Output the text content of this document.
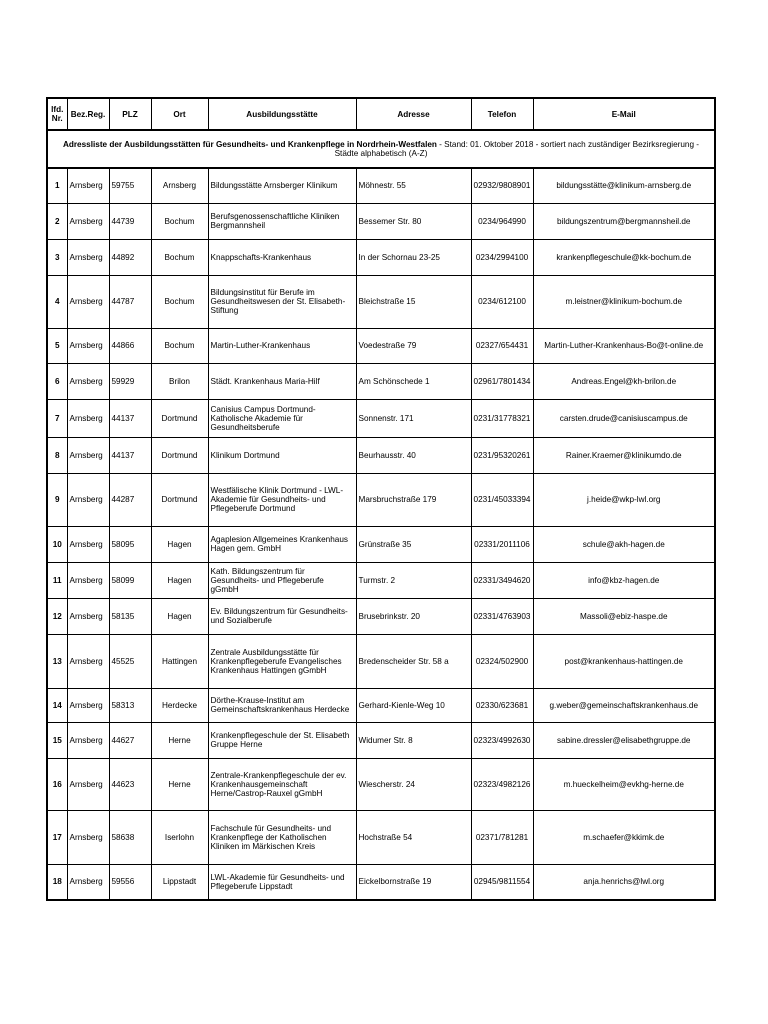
Adressliste der Ausbildungsstätten für Gesundheits- und Krankenpflege in Nordrhein-Westfalen - Stand: 01. Oktober 2018 - sortiert nach zuständiger Bezirksregierung - Städte alphabetisch (A-Z)							
lfd. Nr.	Bez.Reg.	PLZ	Ort	Ausbildungsstätte	Adresse	Telefon	E-Mail
1	Arnsberg	59755	Arnsberg	Bildungsstätte Arnsberger Klinikum	Möhnestr. 55	02932/9808901	bildungsstätte@klinikum-arnsberg.de
2	Arnsberg	44739	Bochum	Berufsgenossenschaftliche Kliniken Bergmannsheil	Bessemer Str. 80	0234/964990	bildungszentrum@bergmannsheil.de
3	Arnsberg	44892	Bochum	Knappschafts-Krankenhaus	In der Schornau 23-25	0234/2994100	krankenpflegeschule@kk-bochum.de
4	Arnsberg	44787	Bochum	Bildungsinstitut für Berufe im Gesundheitswesen der St. Elisabeth-Stiftung	Bleichstraße 15	0234/612100	m.leistner@klinikum-bochum.de
5	Arnsberg	44866	Bochum	Martin-Luther-Krankenhaus	Voedestraße 79	02327/654431	Martin-Luther-Krankenhaus-Bo@t-online.de
6	Arnsberg	59929	Brilon	Städt. Krankenhaus Maria-Hilf	Am Schönschede 1	02961/7801434	Andreas.Engel@kh-brilon.de
7	Arnsberg	44137	Dortmund	Canisius Campus Dortmund- Katholische Akademie für Gesundheitsberufe	Sonnenstr. 171	0231/31778321	carsten.drude@canisiuscampus.de
8	Arnsberg	44137	Dortmund	Klinikum Dortmund	Beurhausstr. 40	0231/95320261	Rainer.Kraemer@klinikumdo.de
9	Arnsberg	44287	Dortmund	Westfälische Klinik Dortmund - LWL-Akademie für Gesundheits- und Pflegeberufe Dortmund	Marsbruchstraße 179	0231/45033394	j.heide@wkp-lwl.org
10	Arnsberg	58095	Hagen	Agaplesion Allgemeines Krankenhaus Hagen gem. GmbH	Grünstraße 35	02331/2011106	schule@akh-hagen.de
11	Arnsberg	58099	Hagen	Kath. Bildungszentrum für Gesundheits- und Pflegeberufe gGmbH	Turmstr. 2	02331/3494620	info@kbz-hagen.de
12	Arnsberg	58135	Hagen	Ev. Bildungszentrum für Gesundheits- und Sozialberufe	Brusebrinkstr. 20	02331/4763903	Massoli@ebiz-haspe.de
13	Arnsberg	45525	Hattingen	Zentrale Ausbildungsstätte für Krankenpflegeberufe Evangelisches Krankenhaus Hattingen gGmbH	Bredenscheider Str. 58 a	02324/502900	post@krankenhaus-hattingen.de
14	Arnsberg	58313	Herdecke	Dörthe-Krause-Institut am Gemeinschaftskrankenhaus Herdecke	Gerhard-Kienle-Weg 10	02330/623681	g.weber@gemeinschaftskrankenhaus.de
15	Arnsberg	44627	Herne	Krankenpflegeschule der St. Elisabeth Gruppe Herne	Widumer Str. 8	02323/4992630	sabine.dressler@elisabethgruppe.de
16	Arnsberg	44623	Herne	Zentrale-Krankenpflegeschule der ev. Krankenhausgemeinschaft Herne/Castrop-Rauxel gGmbH	Wiescherstr. 24	02323/4982126	m.hueckelheim@evkhg-herne.de
17	Arnsberg	58638	Iserlohn	Fachschule für Gesundheits- und Krankenpflege der Katholischen Kliniken im Märkischen Kreis	Hochstraße 54	02371/781281	m.schaefer@kkimk.de
18	Arnsberg	59556	Lippstadt	LWL-Akademie für Gesundheits- und Pflegeberufe Lippstadt	Eickelbornstraße 19	02945/9811554	anja.henrichs@lwl.org
